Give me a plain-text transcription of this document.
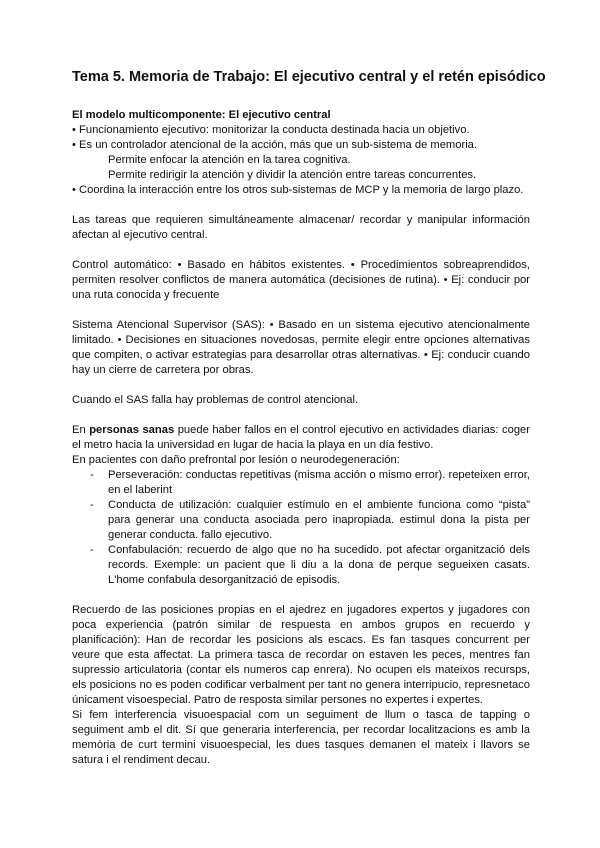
Tema 5. Memoria de Trabajo: El ejecutivo central y el retén episódico
El modelo multicomponente: El ejecutivo central

• Funcionamiento ejecutivo: monitorizar la conducta destinada hacia un objetivo.

• Es un controlador atencional de la acción, más que un sub-sistema de memoria.

Permite enfocar la atención en la tarea cognitiva.

Permite redirigir la atención y dividir la atención entre tareas concurrentes.

• Coordina la interacción entre los otros sub-sistemas de MCP y la memoria de largo plazo.

Las tareas que requieren simultáneamente almacenar/ recordar y manipular información afectan al ejecutivo central.

Control automático: • Basado en hábitos existentes. • Procedimientos sobreaprendidos, permiten resolver conflictos de manera automática (decisiones de rutina). • Ej: conducir por una ruta conocida y frecuente

Sistema Atencional Supervisor (SAS): • Basado en un sistema ejecutivo atencionalmente limitado. • Decisiones en situaciones novedosas, permite elegir entre opciones alternativas que compiten, o activar estrategias para desarrollar otras alternativas. • Ej: conducir cuando hay un cierre de carretera por obras.

Cuando el SAS falla hay problemas de control atencional.

En personas sanas puede haber fallos en el control ejecutivo en actividades diarias: coger el metro hacia la universidad en lugar de hacia la playa en un día festivo.

En pacientes con daño prefrontal por lesión o neurodegeneración:

- Perseveración: conductas repetitivas (misma acción o mismo error). repeteixen error, en el laberint
- Conducta de utilización: cualquier estímulo en el ambiente funciona como “pista” para generar una conducta asociada pero inapropiada. estimul dona la pista per generar conducta. fallo ejecutivo.
- Confabulación: recuerdo de algo que no ha sucedido. pot afectar organització dels records. Exemple: un pacient que li diu a la dona de perque segueixen casats. L'home confabula desorganització de episodis.

Recuerdo de las posiciones propias en el ajedrez en jugadores expertos y jugadores con poca experiencia (patrón similar de respuesta en ambos grupos en recuerdo y planificación): Han de recordar les posicions als escacs. Es fan tasques concurrent per veure que esta affectat. La primera tasca de recordar on estaven les peces, mentres fan supressio articulatoria (contar els numeros cap enrera). No ocupen els mateixos recursps, els posicions no es poden codificar verbalment per tant no genera interripucio, represnetaco únicament visoespecial. Patro de resposta similar persones no expertes i expertes.

Si fem interferencia visuoespacial com un seguiment de llum o tasca de tapping o seguiment amb el dit. Sí que generaria interferencia, per recordar localitzacions es amb la memòria de curt termini visuoespecial, les dues tasques demanen el mateix i llavors se satura i el rendiment decau.
